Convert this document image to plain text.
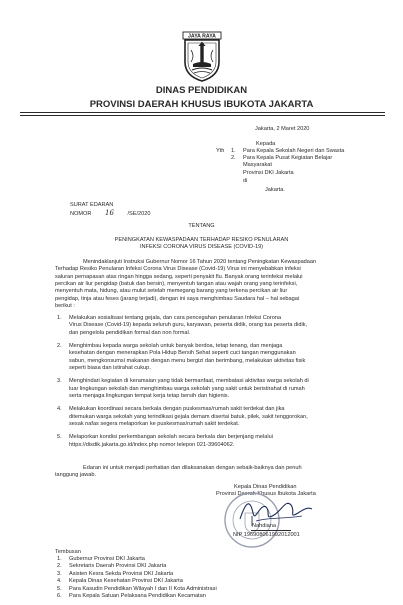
JAYA RAYA
DINAS PENDIDIKAN
PROVINSI DAERAH KHUSUS IBUKOTA JAKARTA
Jakarta, 2 Maret 2020
Kepada
Yth 1. Para Kepala Sekolah Negeri dan Swasta
2. Para Kepala Pusat Kegiatan Belajar
Masyarakat
Provinsi DKI Jakarta
di
Jakarta.
SURAT EDARAN
NOMOR 16 /SE/2020
TENTANG
PENINGKATAN KEWASPADAAN TERHADAP RESIKO PENULARAN
INFEKSI CORONA VIRUS DISEASE (COVID-19)
Menindaklanjuti Instruksi Gubernur Nomor 16 Tahun 2020 tentang Peningkatan Kewaspadaan
Terhadap Resiko Penularan Infeksi Corona Virus Disease (Covid-19) Virus ini menyebabkan infeksi
saluran pernapasan atas ringan hingga sedang, seperti penyakit flu. Banyak orang terinfeksi melalui
percikan air liur pengidap (batuk dan bersin), menyentuh tangan atau wajah orang yang terinfeksi,
menyentuh mata, hidung, atau mulut setelah memegang barang yang terkena percikan air liur
pengidap, tinja atau feses (jarang terjadi), dengan ini saya menghimbau Saudara hal – hal sebagai
berikut :
1.	Melakukan sosialisasi tentang gejala, dan cara pencegahan penularan Infeksi Corona
Virus Disease (Covid-19) kepada seluruh guru, karyawan, peserta didik, orang tua peserta didik,
dan pengelola pendidikan formal dan non formal.
2.	Menghimbau kepada warga sekolah untuk banyak berdoa, tetap tenang, dan menjaga
kesehatan dengan menerapkan Pola Hidup Bersih Sehat seperti cuci tangan menggunakan
sabun, mengkonsumsi makanan dengan menu bergizi dan berimbang, melakukan aktivitas fisik
seperti biasa dan istirahat cukup.
3.	Menghindari kegiatan di keramaian yang tidak bermanfaat, membatasi aktivitas warga sekolah di
luar lingkungan sekolah dan menghimbau warga sekolah yang sakit untuk beristirahat di rumah
serta menjaga lingkungan tempat kerja tetap bersih dan higienis.
4.	Melakukan koordinasi secara berkala dengan puskesmas/rumah sakit terdekat dan jika
ditemukan warga sekolah yang terindikasi gejala demam disertai batuk, pilek, sakit tenggorokan,
sesak nafas segera melaporkan ke puskesmas/rumah sakit terdekat.
5.	Melaporkan kondisi perkembangan sekolah secara berkala dan berjenjang melalui
https://disdik.jakarta.go.id/index.php nomor telepon 021-39604062.
Edaran ini untuk menjadi perhatian dan dilaksanakan dengan sebaik-baiknya dan penuh
tanggung jawab.
Kepala Dinas Pendidikan
Provinsi Daerah Khusus Ibukota Jakarta
Nahdiana
NIP 196908061992012001
Tembusan
1. Gubernur Provinsi DKI Jakarta
2. Sekretaris Daerah Provinsi DKI Jakarta
3. Asisten Kesra Sekda Provinsi DKI Jakarta
4. Kepala Dinas Kesehatan Provinsi DKI Jakarta
5. Para Kasudin Pendidikan Wilayah I dan II Kota Administrasi
6. Para Kepala Satuan Pelaksana Pendidikan Kecamatan
